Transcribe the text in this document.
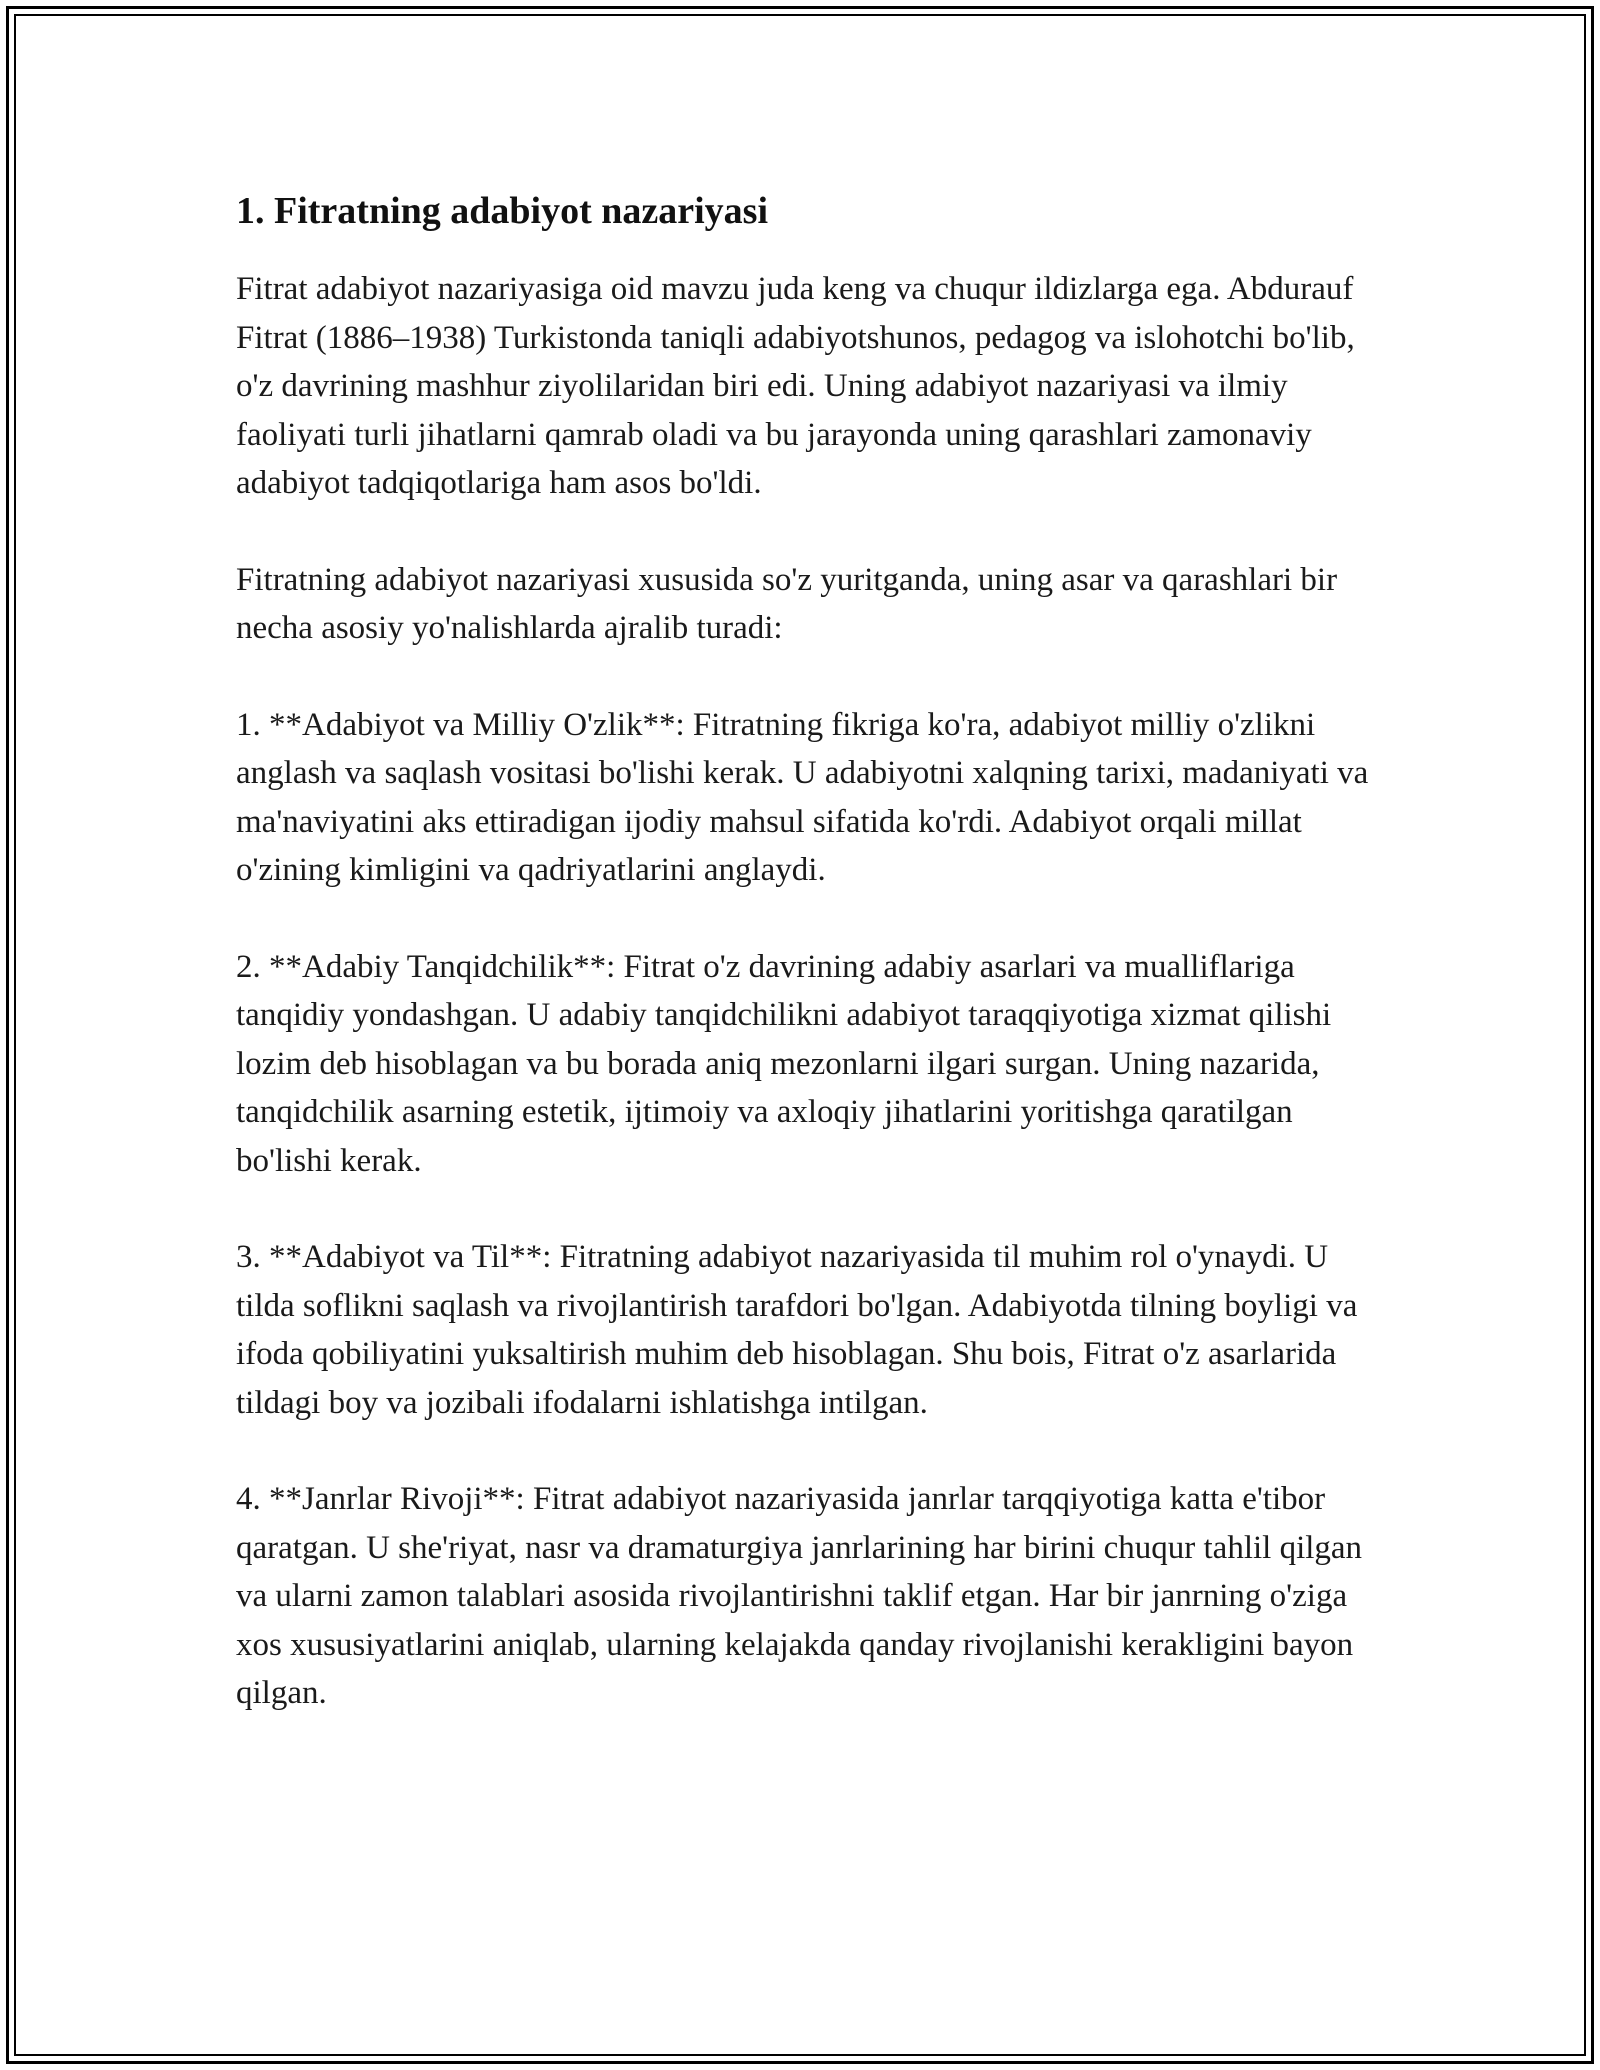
1. Fitratning adabiyot nazariyasi

Fitrat adabiyot nazariyasiga oid mavzu juda keng va chuqur ildizlarga ega. Abdurauf Fitrat (1886–1938) Turkistonda taniqli adabiyotshunos, pedagog va islohotchi bo'lib, o'z davrining mashhur ziyolilaridan biri edi. Uning adabiyot nazariyasi va ilmiy faoliyati turli jihatlarni qamrab oladi va bu jarayonda uning qarashlari zamonaviy adabiyot tadqiqotlariga ham asos bo'ldi.

Fitratning adabiyot nazariyasi xususida so'z yuritganda, uning asar va qarashlari bir necha asosiy yo'nalishlarda ajralib turadi:

1. **Adabiyot va Milliy O'zlik**: Fitratning fikriga ko'ra, adabiyot milliy o'zlikni anglash va saqlash vositasi bo'lishi kerak. U adabiyotni xalqning tarixi, madaniyati va ma'naviyatini aks ettiradigan ijodiy mahsul sifatida ko'rdi. Adabiyot orqali millat o'zining kimligini va qadriyatlarini anglaydi.

2. **Adabiy Tanqidchilik**: Fitrat o'z davrining adabiy asarlari va mualliflariga tanqidiy yondashgan. U adabiy tanqidchilikni adabiyot taraqqiyotiga xizmat qilishi lozim deb hisoblagan va bu borada aniq mezonlarni ilgari surgan. Uning nazarida, tanqidchilik asarning estetik, ijtimoiy va axloqiy jihatlarini yoritishga qaratilgan bo'lishi kerak.

3. **Adabiyot va Til**: Fitratning adabiyot nazariyasida til muhim rol o'ynaydi. U tilda soflikni saqlash va rivojlantirish tarafdori bo'lgan. Adabiyotda tilning boyligi va ifoda qobiliyatini yuksaltirish muhim deb hisoblagan. Shu bois, Fitrat o'z asarlarida tildagi boy va jozibali ifodalarni ishlatishga intilgan.

4. **Janrlar Rivoji**: Fitrat adabiyot nazariyasida janrlar tarqqiyotiga katta e'tibor qaratgan. U she'riyat, nasr va dramaturgiya janrlarining har birini chuqur tahlil qilgan va ularni zamon talablari asosida rivojlantirishni taklif etgan. Har bir janrning o'ziga xos xususiyatlarini aniqlab, ularning kelajakda qanday rivojlanishi kerakligini bayon qilgan.
